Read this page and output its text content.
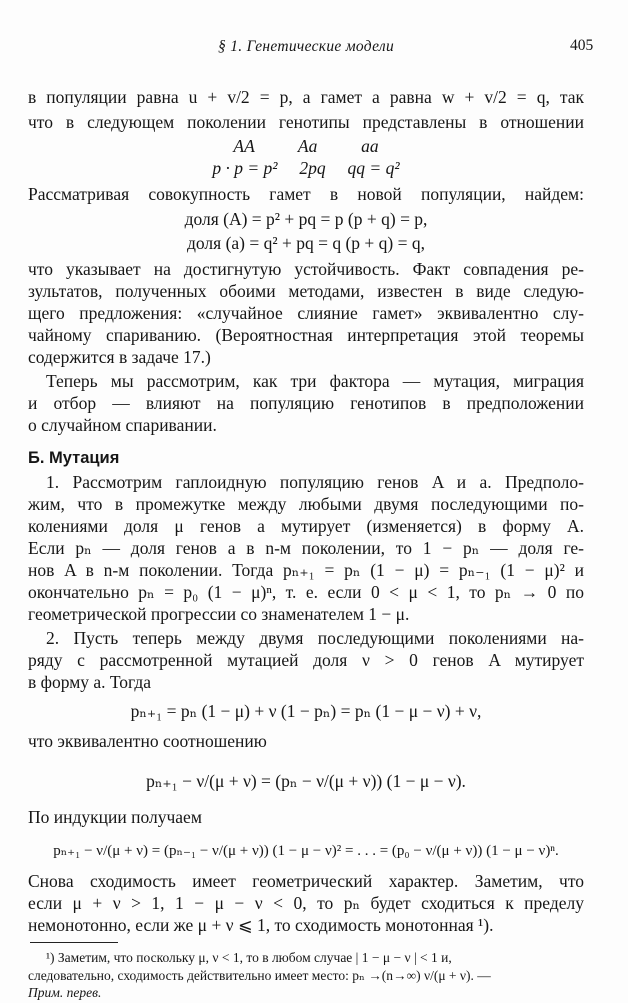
§ 1. Генетические модели	405
в популяции равна u + v/2 = p, а гамет a равна w + v/2 = q, так
что в следующем поколении генотипы представлены в отношении
AA          Aa          aa
p · p = p²     2pq     qq = q²
Рассматривая совокупность гамет в новой популяции, найдем:
доля (A) = p² + pq = p (p + q) = p,
доля (a) = q² + pq = q (p + q) = q,
что указывает на достигнутую устойчивость. Факт совпадения ре-
зультатов, полученных обоими методами, известен в виде следую-
щего предложения: «случайное слияние гамет» эквивалентно слу-
чайному спариванию. (Вероятностная интерпретация этой теоремы
содержится в задаче 17.)
Теперь мы рассмотрим, как три фактора — мутация, миграция
и отбор — влияют на популяцию генотипов в предположении
о случайном спаривании.
Б. Мутация
1. Рассмотрим гаплоидную популяцию генов A и a. Предполо-
жим, что в промежутке между любыми двумя последующими по-
колениями доля μ генов a мутирует (изменяется) в форму A.
Если pₙ — доля генов a в n-м поколении, то 1 − pₙ — доля ге-
нов A в n-м поколении. Тогда pₙ₊₁ = pₙ (1 − μ) = pₙ₋₁ (1 − μ)² и
окончательно pₙ = p₀ (1 − μ)ⁿ, т. е. если 0 < μ < 1, то pₙ → 0 по
геометрической прогрессии со знаменателем 1 − μ.
2. Пусть теперь между двумя последующими поколениями на-
ряду с рассмотренной мутацией доля ν > 0 генов A мутирует
в форму a. Тогда
pₙ₊₁ = pₙ (1 − μ) + ν (1 − pₙ) = pₙ (1 − μ − ν) + ν,
что эквивалентно соотношению
pₙ₊₁ − ν/(μ + ν) = (pₙ − ν/(μ + ν)) (1 − μ − ν).
По индукции получаем
pₙ₊₁ − ν/(μ + ν) = (pₙ₋₁ − ν/(μ + ν)) (1 − μ − ν)² = . . . = (p₀ − ν/(μ + ν)) (1 − μ − ν)ⁿ.
Снова сходимость имеет геометрический характер. Заметим, что
если μ + ν > 1, 1 − μ − ν < 0, то pₙ будет сходиться к пределу
немонотонно, если же μ + ν ⩽ 1, то сходимость монотонная ¹).
¹) Заметим, что поскольку μ, ν < 1, то в любом случае | 1 − μ − ν | < 1 и,
следовательно, сходимость действительно имеет место: pₙ →(n→∞) ν/(μ + ν). —
Прим. перев.
